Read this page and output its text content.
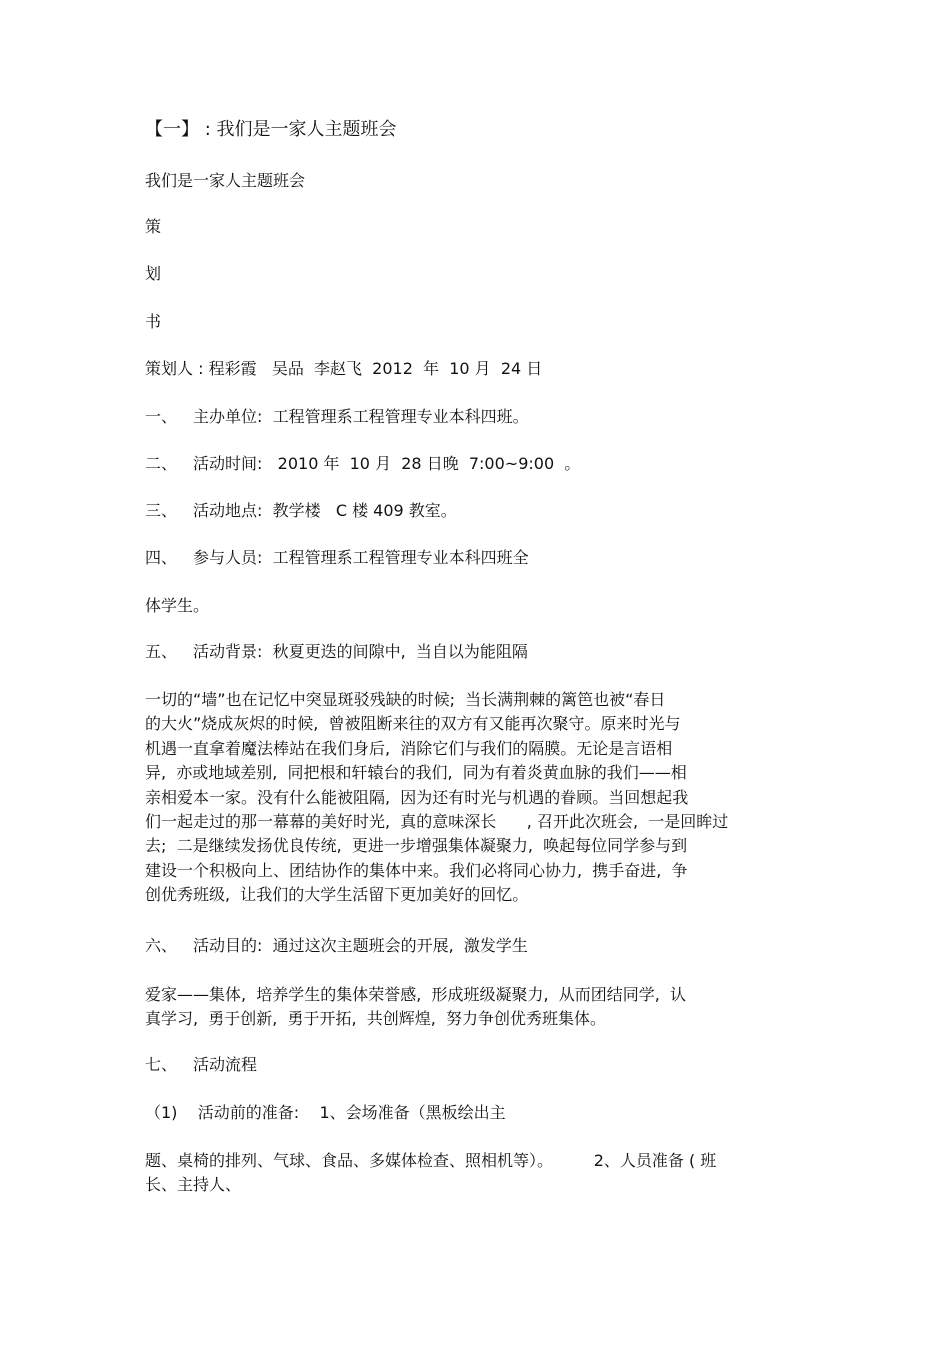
【一】 : 我们是一家人主题班会
我们是一家人主题班会
策
划
书
策划人 : 程彩霞   吴品  李赵飞  2012  年  10 月  24 日
一、 主办单位:  工程管理系工程管理专业本科四班。
二、 活动时间:   2010 年  10 月  28 日晚  7:00~9:00  。
三、 活动地点:  教学楼   C 楼 409 教室。
四、 参与人员:  工程管理系工程管理专业本科四班全
体学生。
五、 活动背景:  秋夏更迭的间隙中,  当自以为能阻隔
一切的“墙”也在记忆中突显斑驳残缺的时候;  当长满荆棘的篱笆也被“春日
的大火”烧成灰烬的时候,  曾被阻断来往的双方有又能再次聚守。原来时光与
机遇一直拿着魔法棒站在我们身后,  消除它们与我们的隔膜。无论是言语相
异,  亦或地域差别,  同把根和轩辕台的我们,  同为有着炎黄血脉的我们——相
亲相爱本一家。没有什么能被阻隔,  因为还有时光与机遇的眷顾。当回想起我
们一起走过的那一幕幕的美好时光,  真的意味深长      , 召开此次班会,  一是回眸过
去;  二是继续发扬优良传统,  更进一步增强集体凝聚力,  唤起每位同学参与到
建设一个积极向上、团结协作的集体中来。我们必将同心协力,  携手奋进,  争
创优秀班级,  让我们的大学生活留下更加美好的回忆。
六、 活动目的:  通过这次主题班会的开展,  激发学生
爱家——集体,  培养学生的集体荣誉感,  形成班级凝聚力,  从而团结同学,  认
真学习,  勇于创新,  勇于开拓,  共创辉煌,  努力争创优秀班集体。
七、 活动流程
（1)    活动前的准备:    1、会场准备（黑板绘出主
题、桌椅的排列、气球、食品、多媒体检查、照相机等）。        2、人员准备 ( 班
长、主持人、
